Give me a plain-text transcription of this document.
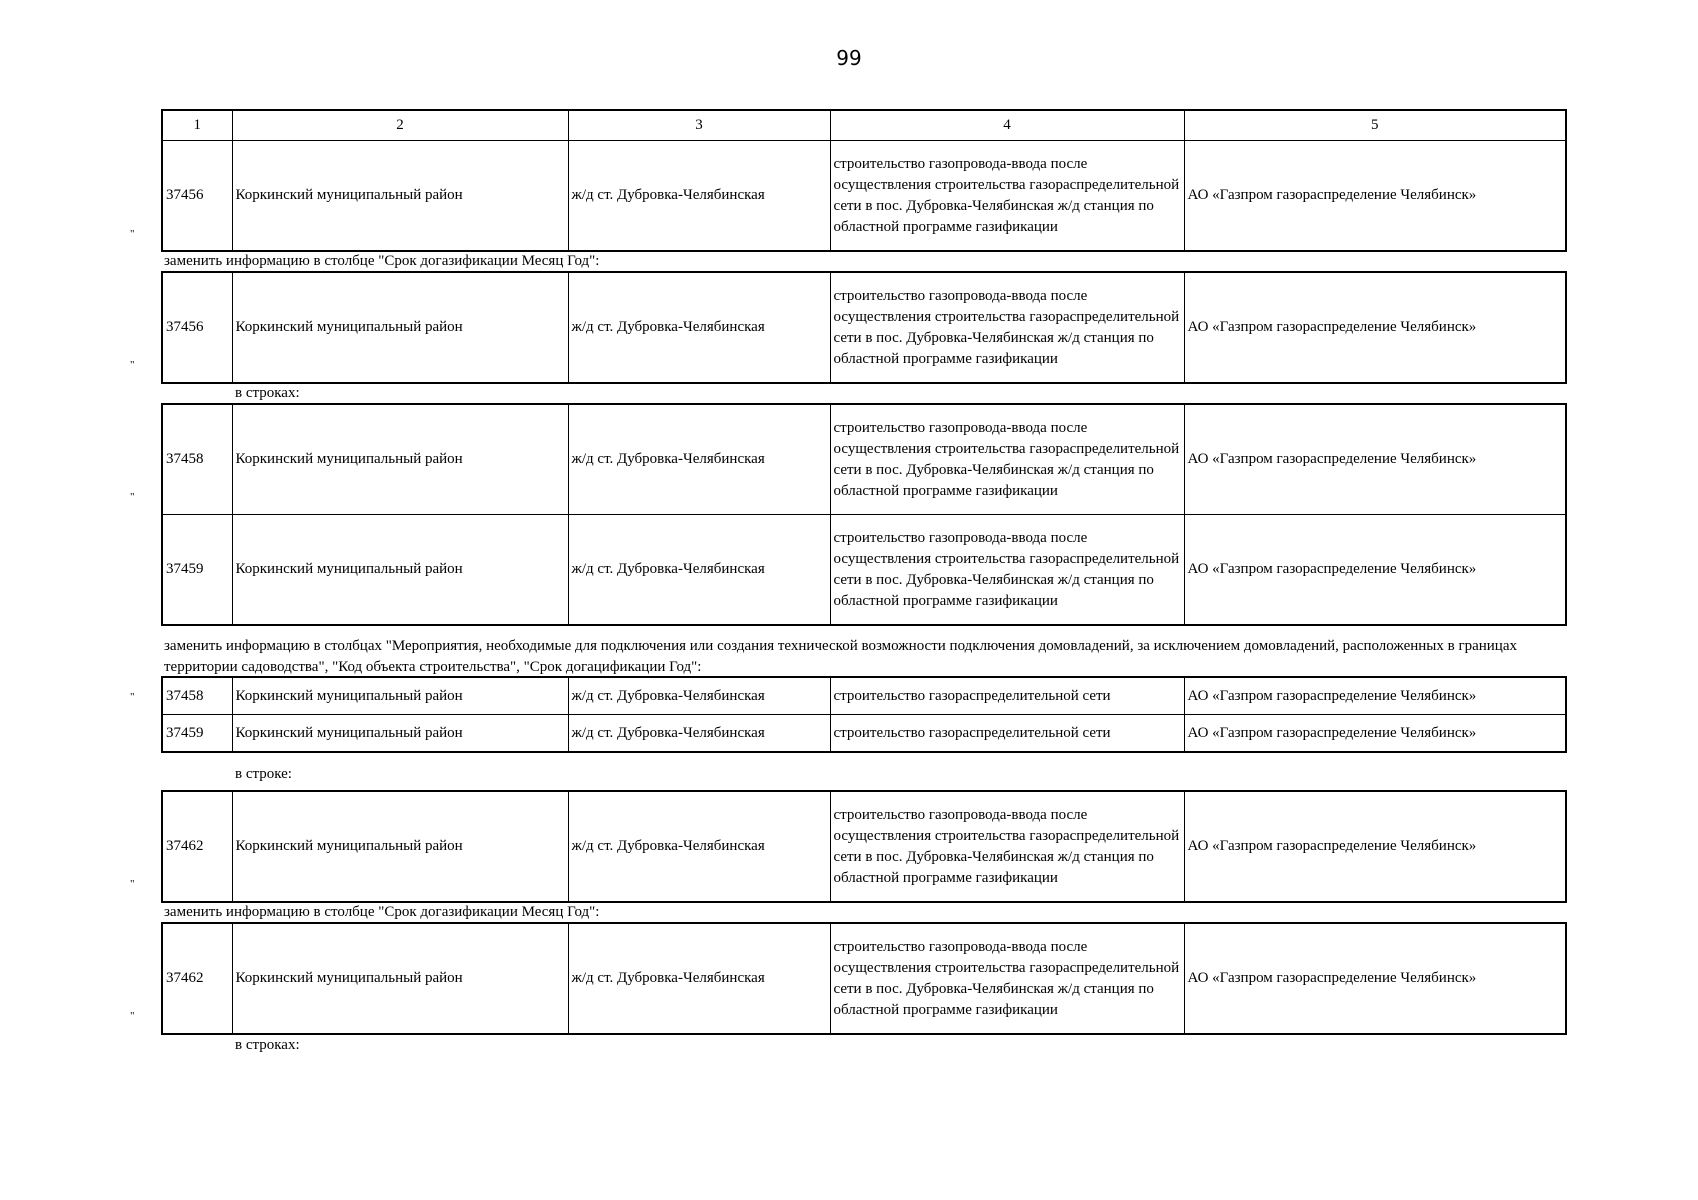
99
1	2	3	4	5
37456	Коркинский муниципальный район	ж/д ст. Дубровка-Челябинская	строительство газопровода-ввода после осуществления строительства газораспределительной сети в пос. Дубровка-Челябинская ж/д станция по областной программе газификации	АО «Газпром газораспределение Челябинск»
"
заменить информацию в столбце "Срок догазификации Месяц Год":
37456	Коркинский муниципальный район	ж/д ст. Дубровка-Челябинская	строительство газопровода-ввода после осуществления строительства газораспределительной сети в пос. Дубровка-Челябинская ж/д станция по областной программе газификации	АО «Газпром газораспределение Челябинск»
"
в строках:
37458	Коркинский муниципальный район	ж/д ст. Дубровка-Челябинская	строительство газопровода-ввода после осуществления строительства газораспределительной сети в пос. Дубровка-Челябинская ж/д станция по областной программе газификации	АО «Газпром газораспределение Челябинск»
37459	Коркинский муниципальный район	ж/д ст. Дубровка-Челябинская	строительство газопровода-ввода после осуществления строительства газораспределительной сети в пос. Дубровка-Челябинская ж/д станция по областной программе газификации	АО «Газпром газораспределение Челябинск»
"
заменить информацию в столбцах "Мероприятия, необходимые для подключения или создания технической возможности подключения домовладений, за исключением домовладений, расположенных в границах территории садоводства", "Код объекта строительства", "Срок догацификации Год":
37458	Коркинский муниципальный район	ж/д ст. Дубровка-Челябинская	строительство газораспределительной сети	АО «Газпром газораспределение Челябинск»
37459	Коркинский муниципальный район	ж/д ст. Дубровка-Челябинская	строительство газораспределительной сети	АО «Газпром газораспределение Челябинск»
"
в строке:
37462	Коркинский муниципальный район	ж/д ст. Дубровка-Челябинская	строительство газопровода-ввода после осуществления строительства газораспределительной сети в пос. Дубровка-Челябинская ж/д станция по областной программе газификации	АО «Газпром газораспределение Челябинск»
"
заменить информацию в столбце "Срок догазификации Месяц Год":
37462	Коркинский муниципальный район	ж/д ст. Дубровка-Челябинская	строительство газопровода-ввода после осуществления строительства газораспределительной сети в пос. Дубровка-Челябинская ж/д станция по областной программе газификации	АО «Газпром газораспределение Челябинск»
"
в строках:
